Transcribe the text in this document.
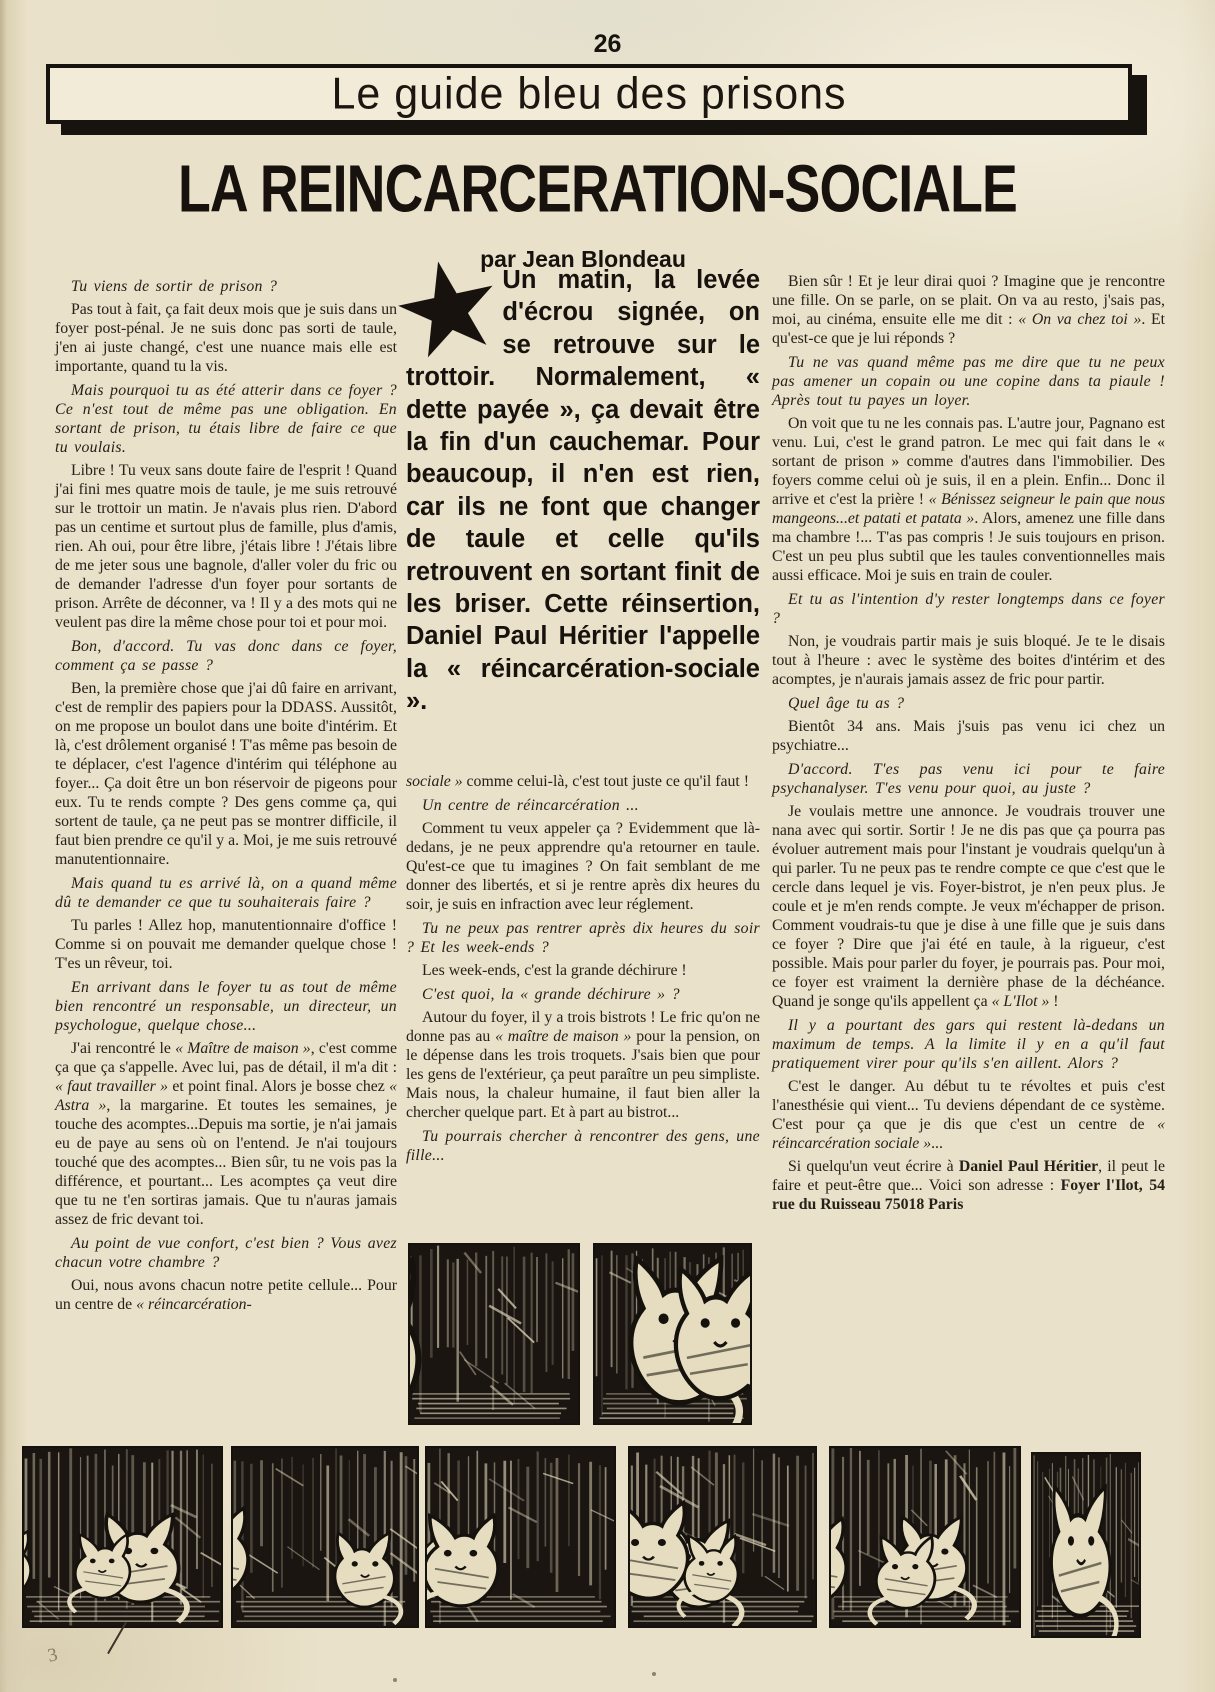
26
Le guide bleu des prisons
LA REINCARCERATION-SOCIALE
par Jean Blondeau
★
Un matin, la levée d'écrou signée, on se retrouve sur le trottoir. Normalement, « dette payée », ça devait être la fin d'un cauchemar. Pour beaucoup, il n'en est rien, car ils ne font que changer de taule et celle qu'ils retrouvent en sortant finit de les briser. Cette réinsertion, Daniel Paul Héritier l'appelle la « réincarcération-sociale ».

Tu viens de sortir de prison ?

Pas tout à fait, ça fait deux mois que je suis dans un foyer post-pénal. Je ne suis donc pas sorti de taule, j'en ai juste changé, c'est une nuance mais elle est importante, quand tu la vis.

Mais pourquoi tu as été atterir dans ce foyer ? Ce n'est tout de même pas une obligation. En sortant de prison, tu étais libre de faire ce que tu voulais.

Libre ! Tu veux sans doute faire de l'esprit ! Quand j'ai fini mes quatre mois de taule, je me suis retrouvé sur le trottoir un matin. Je n'avais plus rien. D'abord pas un centime et surtout plus de famille, plus d'amis, rien. Ah oui, pour être libre, j'étais libre ! J'étais libre de me jeter sous une bagnole, d'aller voler du fric ou de demander l'adresse d'un foyer pour sortants de prison. Arrête de déconner, va ! Il y a des mots qui ne veulent pas dire la même chose pour toi et pour moi.

Bon, d'accord. Tu vas donc dans ce foyer, comment ça se passe ?

Ben, la première chose que j'ai dû faire en arrivant, c'est de remplir des papiers pour la DDASS. Aussitôt, on me propose un boulot dans une boite d'intérim. Et là, c'est drôlement organisé ! T'as même pas besoin de te déplacer, c'est l'agence d'intérim qui téléphone au foyer... Ça doit être un bon réservoir de pigeons pour eux. Tu te rends compte ? Des gens comme ça, qui sortent de taule, ça ne peut pas se montrer difficile, il faut bien prendre ce qu'il y a. Moi, je me suis retrouvé manutentionnaire.

Mais quand tu es arrivé là, on a quand même dû te demander ce que tu souhaiterais faire ?

Tu parles ! Allez hop, manutentionnaire d'office ! Comme si on pouvait me demander quelque chose ! T'es un rêveur, toi.

En arrivant dans le foyer tu as tout de même bien rencontré un responsable, un directeur, un psychologue, quelque chose...

J'ai rencontré le « Maître de maison », c'est comme ça que ça s'appelle. Avec lui, pas de détail, il m'a dit : « faut travailler » et point final. Alors je bosse chez « Astra », la margarine. Et toutes les semaines, je touche des acomptes...Depuis ma sortie, je n'ai jamais eu de paye au sens où on l'entend. Je n'ai toujours touché que des acomptes... Bien sûr, tu ne vois pas la différence, et pourtant... Les acomptes ça veut dire que tu ne t'en sortiras jamais. Que tu n'auras jamais assez de fric devant toi.

Au point de vue confort, c'est bien ? Vous avez chacun votre chambre ?

Oui, nous avons chacun notre petite cellule... Pour un centre de « réincarcération-

sociale » comme celui-là, c'est tout juste ce qu'il faut !

Un centre de réincarcération ...

Comment tu veux appeler ça ? Evidemment que là-dedans, je ne peux apprendre qu'a retourner en taule. Qu'est-ce que tu imagines ? On fait semblant de me donner des libertés, et si je rentre après dix heures du soir, je suis en infraction avec leur réglement.

Tu ne peux pas rentrer après dix heures du soir ? Et les week-ends ?

Les week-ends, c'est la grande déchirure !

C'est quoi, la « grande déchirure » ?

Autour du foyer, il y a trois bistrots ! Le fric qu'on ne donne pas au « maître de maison » pour la pension, on le dépense dans les trois troquets. J'sais bien que pour les gens de l'extérieur, ça peut paraître un peu simpliste. Mais nous, la chaleur humaine, il faut bien aller la chercher quelque part. Et à part au bistrot...

Tu pourrais chercher à rencontrer des gens, une fille...

Bien sûr ! Et je leur dirai quoi ? Imagine que je rencontre une fille. On se parle, on se plait. On va au resto, j'sais pas, moi, au cinéma, ensuite elle me dit : « On va chez toi ». Et qu'est-ce que je lui réponds ?

Tu ne vas quand même pas me dire que tu ne peux pas amener un copain ou une copine dans ta piaule ! Après tout tu payes un loyer.

On voit que tu ne les connais pas. L'autre jour, Pagnano est venu. Lui, c'est le grand patron. Le mec qui fait dans le « sortant de prison » comme d'autres dans l'immobilier. Des foyers comme celui où je suis, il en a plein. Enfin... Donc il arrive et c'est la prière ! « Bénissez seigneur le pain que nous mangeons...et patati et patata ». Alors, amenez une fille dans ma chambre !... T'as pas compris ! Je suis toujours en prison. C'est un peu plus subtil que les taules conventionnelles mais aussi efficace. Moi je suis en train de couler.

Et tu as l'intention d'y rester longtemps dans ce foyer ?

Non, je voudrais partir mais je suis bloqué. Je te le disais tout à l'heure : avec le système des boites d'intérim et des acomptes, je n'aurais jamais assez de fric pour partir.

Quel âge tu as ?

Bientôt 34 ans. Mais j'suis pas venu ici chez un psychiatre...

D'accord. T'es pas venu ici pour te faire psychanalyser. T'es venu pour quoi, au juste ?

Je voulais mettre une annonce. Je voudrais trouver une nana avec qui sortir. Sortir ! Je ne dis pas que ça pourra pas évoluer autrement mais pour l'instant je voudrais quelqu'un à qui parler. Tu ne peux pas te rendre compte ce que c'est que le cercle dans lequel je vis. Foyer-bistrot, je n'en peux plus. Je coule et je m'en rends compte. Je veux m'échapper de prison. Comment voudrais-tu que je dise à une fille que je suis dans ce foyer ? Dire que j'ai été en taule, à la rigueur, c'est possible. Mais pour parler du foyer, je pourrais pas. Pour moi, ce foyer est vraiment la dernière phase de la déchéance. Quand je songe qu'ils appellent ça « L'Ilot » !

Il y a pourtant des gars qui restent là-dedans un maximum de temps. A la limite il y en a qu'il faut pratiquement virer pour qu'ils s'en aillent. Alors ?

C'est le danger. Au début tu te révoltes et puis c'est l'anesthésie qui vient... Tu deviens dépendant de ce système. C'est pour ça que je dis que c'est un centre de « réincarcération sociale »...

Si quelqu'un veut écrire à Daniel Paul Héritier, il peut le faire et peut-être que... Voici son adresse : Foyer l'Ilot, 54 rue du Ruisseau 75018 Paris

3
